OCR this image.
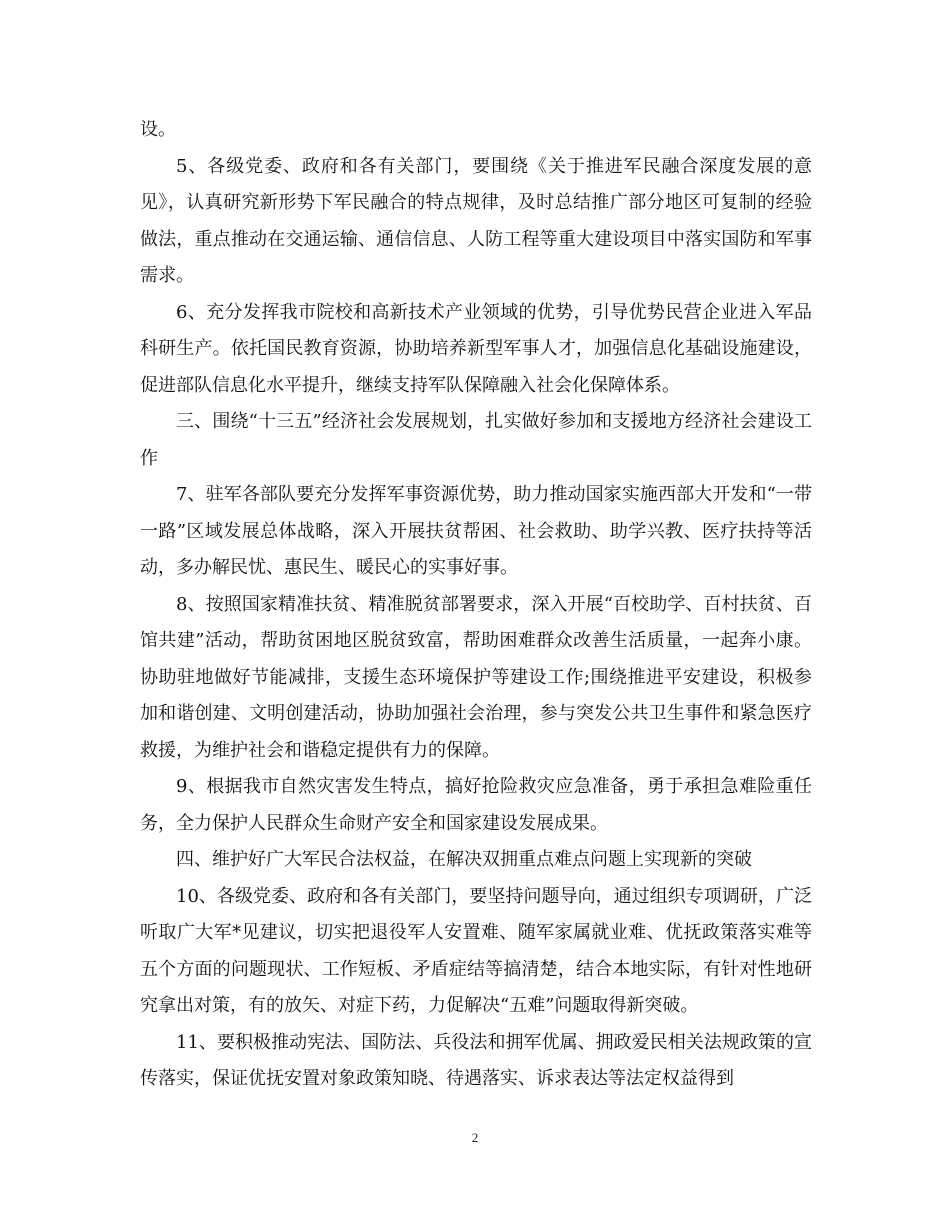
设。

5、各级党委、政府和各有关部门，要围绕《关于推进军民融合深度发展的意见》，认真研究新形势下军民融合的特点规律，及时总结推广部分地区可复制的经验做法，重点推动在交通运输、通信信息、人防工程等重大建设项目中落实国防和军事需求。

6、充分发挥我市院校和高新技术产业领域的优势，引导优势民营企业进入军品科研生产。依托国民教育资源，协助培养新型军事人才，加强信息化基础设施建设，促进部队信息化水平提升，继续支持军队保障融入社会化保障体系。

三、围绕“十三五”经济社会发展规划，扎实做好参加和支援地方经济社会建设工作

7、驻军各部队要充分发挥军事资源优势，助力推动国家实施西部大开发和“一带一路”区域发展总体战略，深入开展扶贫帮困、社会救助、助学兴教、医疗扶持等活动，多办解民忧、惠民生、暖民心的实事好事。

8、按照国家精准扶贫、精准脱贫部署要求，深入开展“百校助学、百村扶贫、百馆共建”活动，帮助贫困地区脱贫致富，帮助困难群众改善生活质量，一起奔小康。协助驻地做好节能减排，支援生态环境保护等建设工作;围绕推进平安建设，积极参加和谐创建、文明创建活动，协助加强社会治理，参与突发公共卫生事件和紧急医疗救援，为维护社会和谐稳定提供有力的保障。

9、根据我市自然灾害发生特点，搞好抢险救灾应急准备，勇于承担急难险重任务，全力保护人民群众生命财产安全和国家建设发展成果。

四、维护好广大军民合法权益，在解决双拥重点难点问题上实现新的突破

10、各级党委、政府和各有关部门，要坚持问题导向，通过组织专项调研，广泛听取广大军*见建议，切实把退役军人安置难、随军家属就业难、优抚政策落实难等五个方面的问题现状、工作短板、矛盾症结等搞清楚，结合本地实际，有针对性地研究拿出对策，有的放矢、对症下药，力促解决“五难”问题取得新突破。

11、要积极推动宪法、国防法、兵役法和拥军优属、拥政爱民相关法规政策的宣传落实，保证优抚安置对象政策知晓、待遇落实、诉求表达等法定权益得到

2
